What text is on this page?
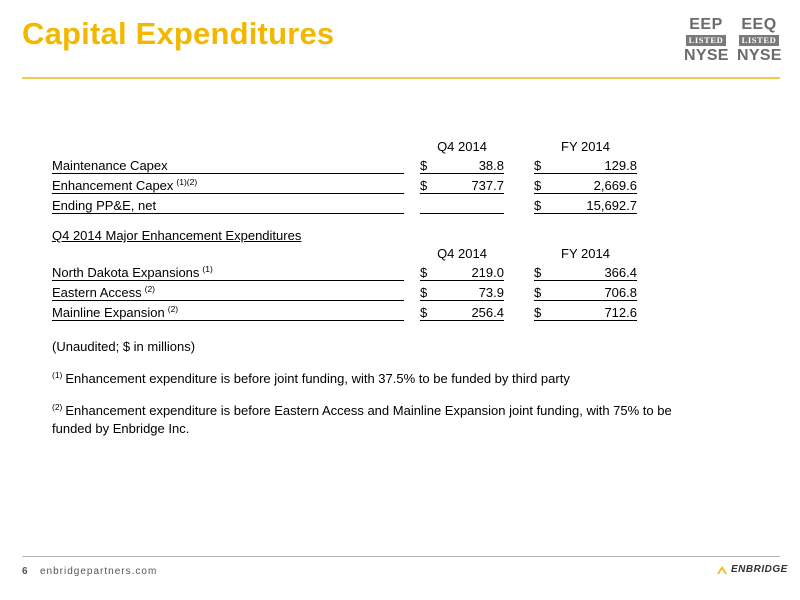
Capital Expenditures	EEP
LISTED
NYSE
EEQ
LISTED
NYSE
		Q4 2014			FY 2014	
Maintenance Capex		$	38.8		$	129.8
Enhancement Capex $^{(1)(2)}$		$	737.7		$	2,669.6
Ending PP&E, net					$	15,692.7
Q4 2014 Major Enhancement Expenditures
		Q4 2014			FY 2014	
North Dakota Expansions $^{(1)}$		$	219.0		$	366.4
Eastern Access $^{(2)}$		$	73.9		$	706.8
Mainline Expansion $^{(2)}$		$	256.4		$	712.6
(Unaudited; $ in millions)
$^{(1)}$ Enhancement expenditure is before joint funding, with 37.5% to be funded by third party
$^{(2)}$ Enhancement expenditure is before Eastern Access and Mainline Expansion joint funding, with 75% to be funded by Enbridge Inc.
6 enbridgepartners.com	ENBRIDGE
